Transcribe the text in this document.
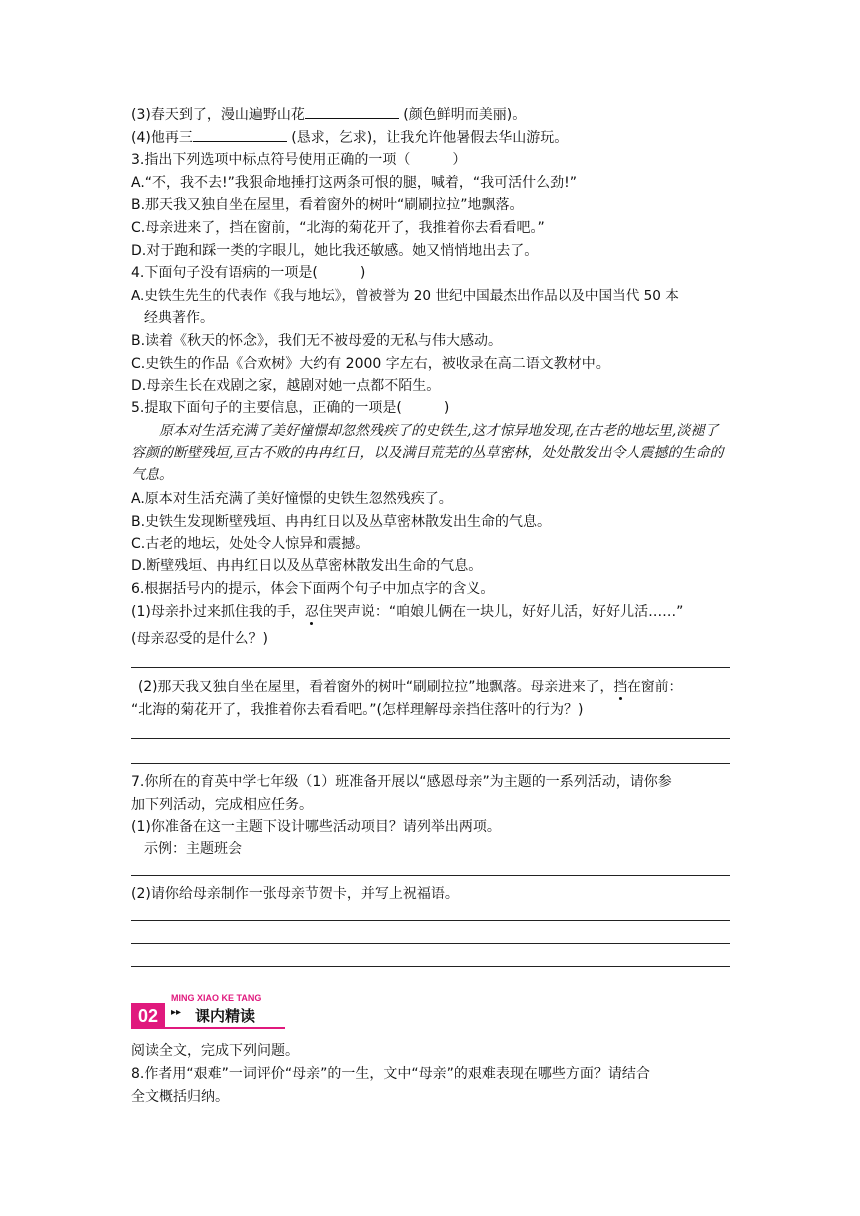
(3)春天到了，漫山遍野山花	(颜色鲜明而美丽)。
(4)他再三	(恳求，乞求)，让我允许他暑假去华山游玩。
3.指出下列选项中标点符号使用正确的一项（　　　）
A.“不，我不去!”我狠命地捶打这两条可恨的腿，喊着，“我可活什么劲!”
B.那天我又独自坐在屋里，看着窗外的树叶“刷刷拉拉”地飘落。
C.母亲进来了，挡在窗前，“北海的菊花开了，我推着你去看看吧。”
D.对于跑和踩一类的字眼儿，她比我还敏感。她又悄悄地出去了。
4.下面句子没有语病的一项是(　　　)
A.史铁生先生的代表作《我与地坛》，曾被誉为 20 世纪中国最杰出作品以及中国当代 50 本
经典著作。
B.读着《秋天的怀念》，我们无不被母爱的无私与伟大感动。
C.史铁生的作品《合欢树》大约有 2000 字左右，被收录在高二语文教材中。
D.母亲生长在戏剧之家，越剧对她一点都不陌生。
5.提取下面句子的主要信息，正确的一项是(　　　)

原本对生活充满了美好憧憬却忽然残疾了的史铁生,这才惊异地发现,在古老的地坛里,淡褪了容颜的断壁残垣,亘古不败的冉冉红日，以及满目荒芜的丛草密林，处处散发出令人震撼的生命的气息。

A.原本对生活充满了美好憧憬的史铁生忽然残疾了。
B.史铁生发现断壁残垣、冉冉红日以及丛草密林散发出生命的气息。
C.古老的地坛，处处令人惊异和震撼。
D.断壁残垣、冉冉红日以及丛草密林散发出生命的气息。
6.根据括号内的提示，体会下面两个句子中加点字的含义。
(1)母亲扑过来抓住我的手，忍住哭声说：“咱娘儿俩在一块儿，好好儿活，好好儿活……”
(母亲忍受的是什么？)
(2)那天我又独自坐在屋里，看着窗外的树叶“刷刷拉拉”地飘落。母亲进来了，挡在窗前：
“北海的菊花开了，我推着你去看看吧。”(怎样理解母亲挡住落叶的行为？)
7.你所在的育英中学七年级（1）班准备开展以“感恩母亲”为主题的一系列活动，请你参
加下列活动，完成相应任务。
(1)你准备在这一主题下设计哪些活动项目？请列举出两项。
示例：主题班会
(2)请你给母亲制作一张母亲节贺卡，并写上祝福语。
MING XIAO KE TANG
02	▸▸ 课内精读
阅读全文，完成下列问题。
8.作者用“艰难”一词评价“母亲”的一生，文中“母亲”的艰难表现在哪些方面？请结合
全文概括归纳。
